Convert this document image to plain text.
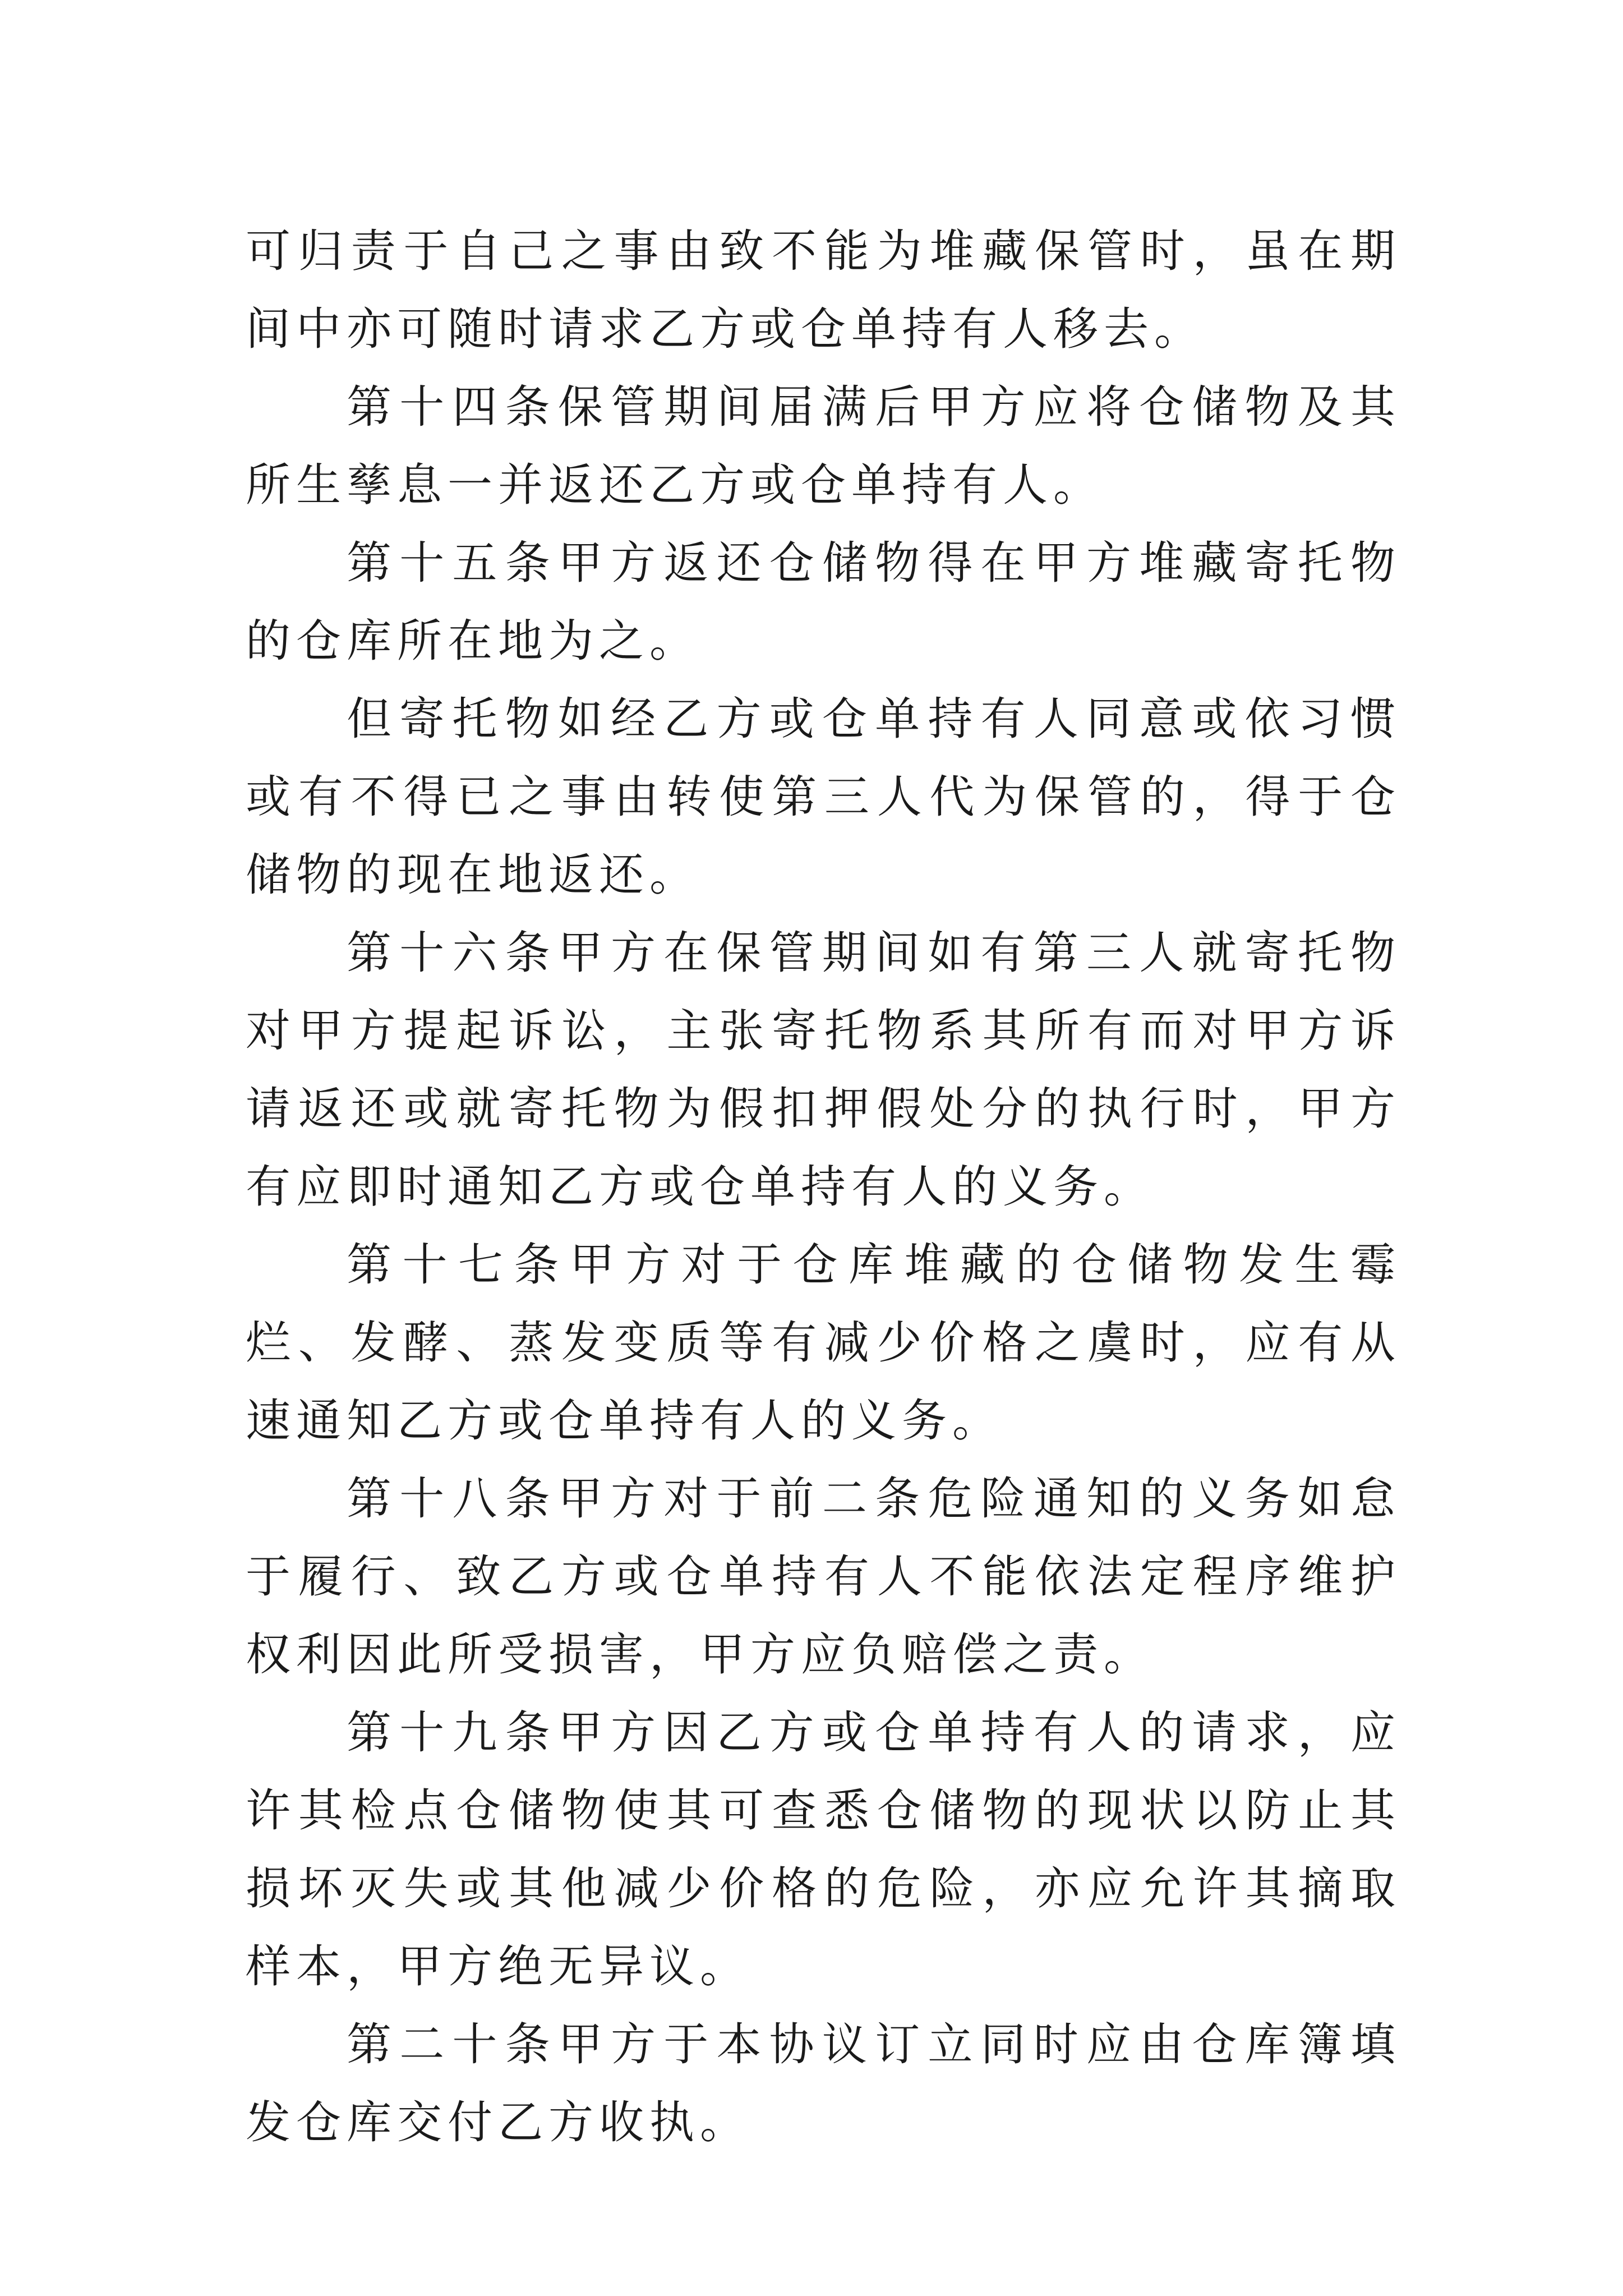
可归责于自己之事由致不能为堆藏保管时，虽在期间中亦可随时请求乙方或仓单持有人移去。

第十四条保管期间届满后甲方应将仓储物及其所生孳息一并返还乙方或仓单持有人。

第十五条甲方返还仓储物得在甲方堆藏寄托物的仓库所在地为之。

但寄托物如经乙方或仓单持有人同意或依习惯或有不得已之事由转使第三人代为保管的，得于仓储物的现在地返还。

第十六条甲方在保管期间如有第三人就寄托物对甲方提起诉讼，主张寄托物系其所有而对甲方诉请返还或就寄托物为假扣押假处分的执行时，甲方有应即时通知乙方或仓单持有人的义务。

第十七条甲方对于仓库堆藏的仓储物发生霉烂、发酵、蒸发变质等有减少价格之虞时，应有从速通知乙方或仓单持有人的义务。

第十八条甲方对于前二条危险通知的义务如怠于履行、致乙方或仓单持有人不能依法定程序维护权利因此所受损害，甲方应负赔偿之责。

第十九条甲方因乙方或仓单持有人的请求，应许其检点仓储物使其可查悉仓储物的现状以防止其损坏灭失或其他减少价格的危险，亦应允许其摘取样本，甲方绝无异议。

第二十条甲方于本协议订立同时应由仓库簿填发仓库交付乙方收执。
